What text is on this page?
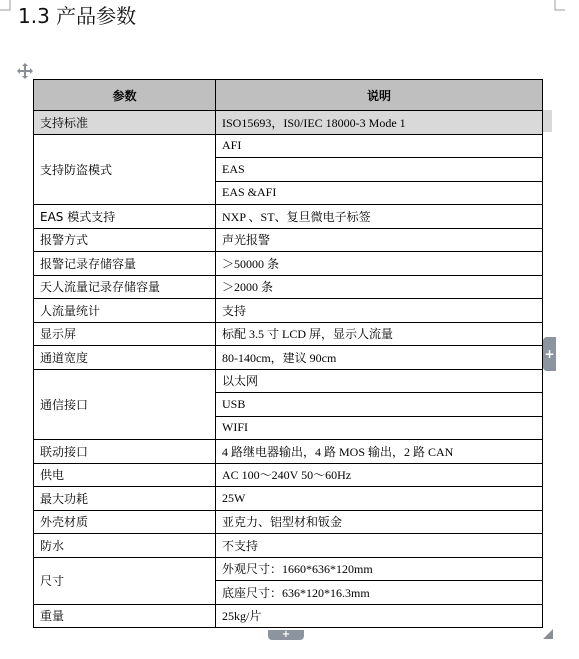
1.3 产品参数
参数	说明
支持标准	ISO15693，IS0/IEC 18000-3 Mode 1
支持防盗模式	AFI
	EAS
	EAS &AFI
EAS 模式支持	NXP 、ST、复旦微电子标签
报警方式	声光报警
报警记录存储容量	＞50000 条
天人流量记录存储容量	＞2000 条
人流量统计	支持
显示屏	标配 3.5 寸 LCD 屏，显示人流量
通道宽度	80-140cm，建议 90cm
通信接口	以太网
	USB
	WIFI
联动接口	4 路继电器输出，4 路 MOS 输出，2 路 CAN
供电	AC 100～240V 50～60Hz
最大功耗	25W
外壳材质	亚克力、铝型材和钣金
防水	不支持
尺寸	外观尺寸：1660*636*120mm
	底座尺寸：636*120*16.3mm
重量	25kg/片
+
+
